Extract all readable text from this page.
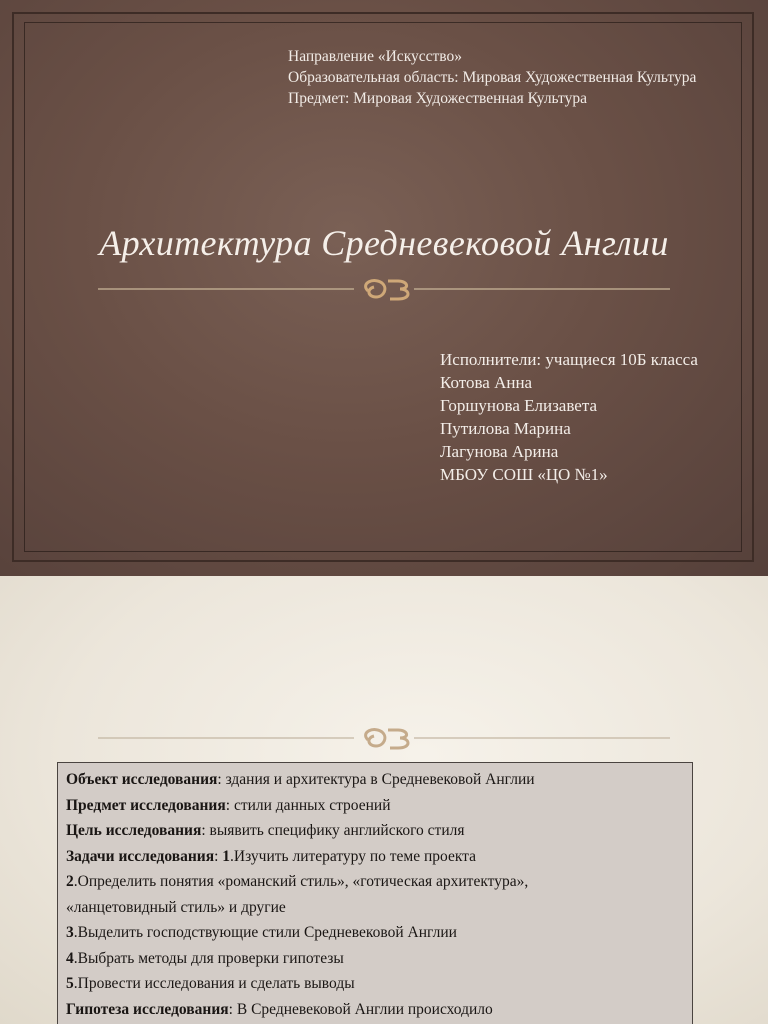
Направление «Искусство»
Образовательная область: Мировая Художественная Культура
Предмет: Мировая Художественная Культура
Архитектура Средневековой Англии
Исполнители: учащиеся 10Б класса
Котова Анна
Горшунова Елизавета
Путилова Марина
Лагунова Арина
МБОУ СОШ «ЦО №1»
Объект исследования: здания и архитектура в Средневековой Англии
Предмет исследования: стили данных строений
Цель исследования: выявить специфику английского стиля
Задачи исследования: 1.Изучить литературу по теме проекта
2.Определить понятия «романский стиль», «готическая архитектура»,
«ланцетовидный стиль» и другие
3.Выделить господствующие стили Средневековой Англии
4.Выбрать методы для проверки гипотезы
5.Провести исследования и сделать выводы
Гипотеза исследования: В Средневековой Англии происходило
